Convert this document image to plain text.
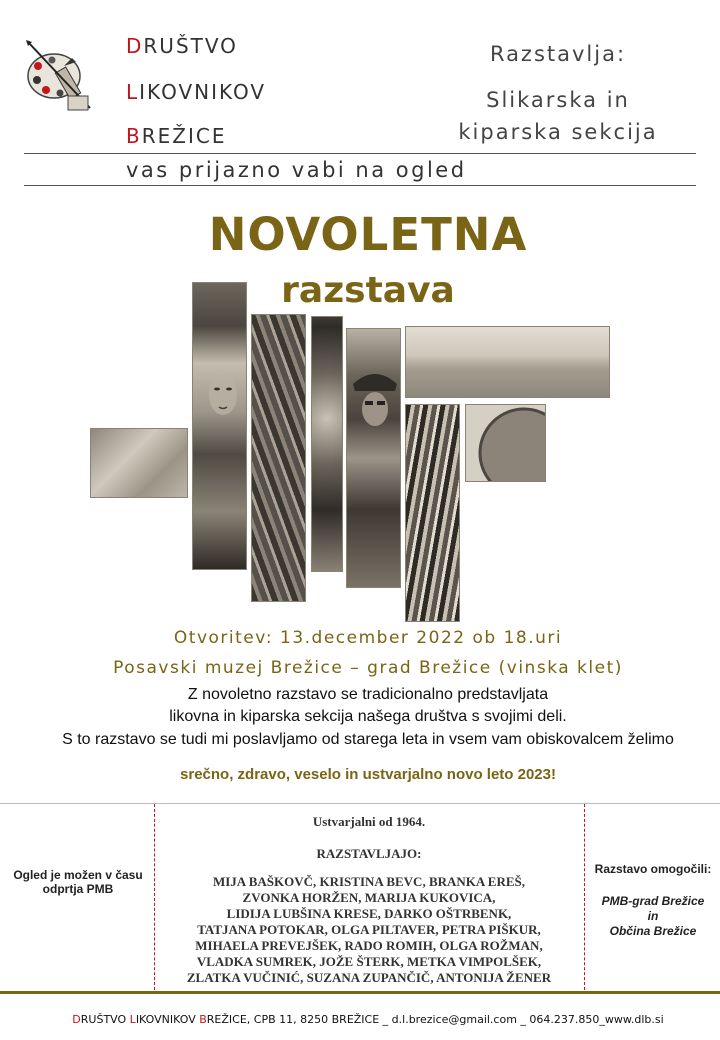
DRUŠTVO
LIKOVNIKOV
BREŽICE
Razstavlja:
Slikarska in
kiparska sekcija
vas prijazno vabi na ogled
NOVOLETNA
razstava
Otvoritev: 13.december 2022 ob 18.uri
Posavski muzej Brežice – grad Brežice (vinska klet)
Z novoletno razstavo se tradicionalno predstavljata
likovna in kiparska sekcija našega društva s svojimi deli.
S to razstavo se tudi mi poslavljamo od starega leta in vsem vam obiskovalcem želimo
srečno, zdravo, veselo in ustvarjalno novo leto 2023!
Ogled je možen v času
odprtja PMB
Ustvarjalni od 1964.
RAZSTAVLJAJO:
MIJA BAŠKOVČ, KRISTINA BEVC, BRANKA EREŠ,
ZVONKA HORŽEN, MARIJA KUKOVICA,
LIDIJA LUBŠINA KRESE, DARKO OŠTRBENK,
TATJANA POTOKAR, OLGA PILTAVER, PETRA PIŠKUR,
MIHAELA PREVEJŠEK, RADO ROMIH, OLGA ROŽMAN,
VLADKA SUMREK, JOŽE ŠTERK, METKA VIMPOLŠEK,
ZLATKA VUČINIĆ, SUZANA ZUPANČIČ, ANTONIJA ŽENER
Razstavo omogočili:
PMB-grad Brežice
in
Občina Brežice
DRUŠTVO LIKOVNIKOV BREŽICE, CPB 11, 8250 BREŽICE _ d.l.brezice@gmail.com _ 064.237.850_www.dlb.si
